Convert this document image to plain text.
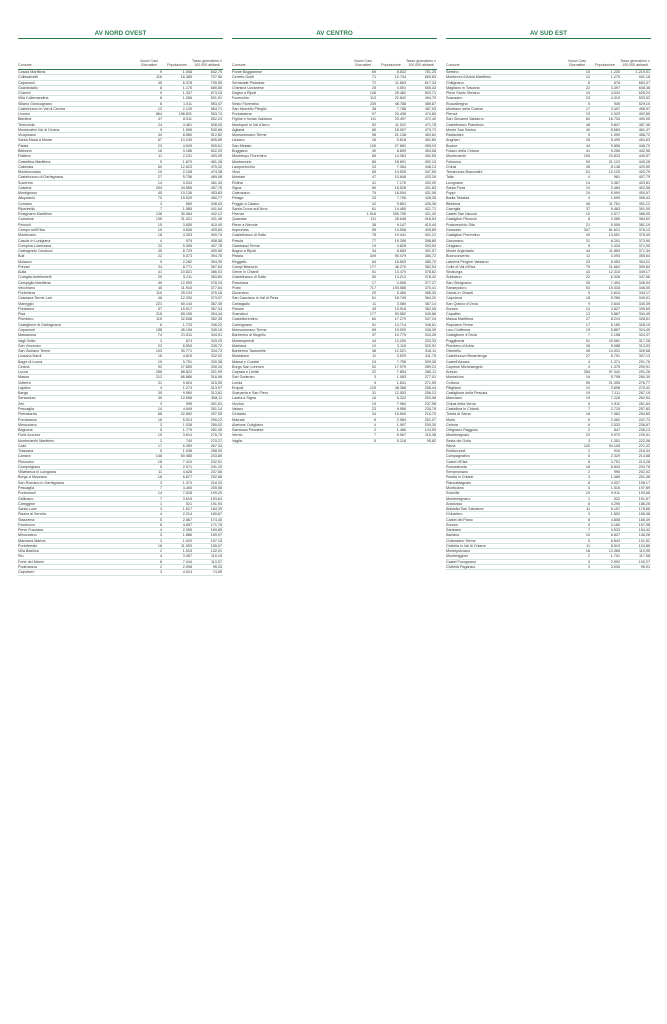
AV NORD OVEST
Comune
Nuovi Casi Giornalieri	Popolazione
Tasso giornaliero x 100.000 abitanti
Cascia Marittima	9	1.068	842,70
Collesalvetti	116	16.385	707,96
Capannoli	45	6.378	705,55
Guardistallo	8	1.175	680,85
Chianni	9	1.337	673,15
Villa Collemandina	8	1.266	631,91
Sillano Giuncugnano	6	1.011	593,47
Castelnuovo in Val di Cecina	12	2.125	564,71
Livorno	864	156.831	553,74
Bientina	47	8.511	552,23
Terricciola	24	4.461	538,00
Montecatini Val di Cecina	9	1.696	530,66
Vicopisano	44	8.580	512,82
Santa Maria a Monte	67	13.245	505,85
Palaia	23	4.549	505,61
Bibbona	16	3.186	502,20
Fiattera	11	2.231	493,05
Castellina Marittima	9	1.870	481,28
Calcinaia	60	12.623	475,32
Montescudaio	10	2.108	474,38
Castelnuovo di Garfagnana	27	5.756	469,08
Suvereto	14	3.034	461,44
Cascina	204	44.565	457,76
Montignoso	45	10.136	453,83
Altopascio	70	15.529	450,77
Comano	3	660	448,43
Riparbella	7	1.585	441,64
Rosignano Marittimo	136	30.084	432,12
Camaiore	136	31.021	431,46
Peccioli	15	3.655	410,40
Campo nell'Elba	19	4.636	409,84
Montecarlo	18	4.393	409,74
Casole in Lunigiana	4	979	408,58
Crespina Lorenzana	22	5.395	407,78
Castagneto Carducci	35	8.729	400,96
Buti	22	5.573	394,76
Molazzo	9	2.282	394,39
Porcari	34	8.771	387,64
Aulla	41	10.621	386,03
Coreglia Antelminelli	20	5.211	383,80
Campiglia Marittima	49	12.093	378,16
Vecchiano	45	11.916	377,64
Pontedera	110	29.243	376,16
Casciana Terme Lari	46	12.330	373,07
Viareggio	221	60.144	367,45
Ponsacco	57	15.517	367,34
Pisa	316	89.155	354,44
Piombino	115	32.638	352,35
Castiglione di Garfagnana	6	1.733	346,22
Capannori	158	45.196	345,16
Massarosa	74	21.511	344,01
Vagli Sotto	3	874	343,25
San Vincenzo	22	6.553	335,72
San Giuliano Terme	103	30.771	334,73
Licciana Nardi	16	4.819	332,02
Bagni di Lucca	19	5.751	330,38
Cecina	92	27.850	330,34
Lucca	286	88.822	321,99
Massa	212	66.886	316,96
Volterra	31	9.824	315,55
Lajatico	4	1.274	313,97
Barga	30	9.560	313,81
Seravezza	39	12.658	308,11
Zeri	3	995	301,51
Pescaglia	14	4.649	301,14
Pietrasanta	68	22.892	297,05
Pomarance	16	5.513	290,22
Minucciano	3	1.038	289,02
Bagnone	5	1.779	281,06
Forte Azzurro	10	3.614	276,70
Montevarchi Marittimo	2	740	270,27
Calci	17	6.350	267,34
Trassana	5	1.938	258,00
Carrara	148	60.085	243,80
Pinizzano	18	7.410	242,91
Camporgiano	5	2.071	241,20
Villafranca in Lunigiana	11	4.628	237,68
Borgo a Mozzano	16	6.877	232,66
San Romano in Garfagnana	3	1.374	218,34
Pescaglia	7	3.405	205,58
Pontremoli	14	7.028	199,20
Gallicano	7	3.615	193,64
Careggine	1	521	191,94
Santa Luce	3	1.627	184,39
Piazza al Serchio	4	2.214	180,67
Stazzema	5	2.867	174,40
Fosdinovo	8	4.657	171,78
Pieve Fosciana	4	2.355	169,85
Minucciano	3	1.886	159,07
Marciana Marina	3	1.920	157,15
Portoferraio	18	11.553	155,07
Villa Basilica	2	1.515	132,01
Rio	4	3.357	119,15
Forte dei Marmi	8	7.044	113,57
Podenzana	2	2.098	95,33
Capoliveri	3	4.024	74,55
AV CENTRO
Comune
Nuovi Casi Giornalieri	Popolazione
Tasso giornaliero x 100.000 abitanti
Ponte Buggianese	69	8.832	781,25
Cerreto Guidi	71	10.744	660,83
Serravalle Pistoiese	72	11.663	617,34
Chiesina Uzzanese	25	4.501	555,43
Dagno a Ripoli	128	25.482	502,71
Fucecchio	113	22.842	494,70
Sesto Fiorentino	239	48.788	489,87
San Marcello Piteglio	38	7.788	487,93
Pontassieve	97	20.436	474,65
Figline e Incisa Valdarno	111	23.497	472,40
Montopoli in Val d'Arno	52	11.022	471,78
Agliana	85	18.057	470,73
Monsummano Terme	98	21.138	463,62
Uzzano	26	5.618	462,80
San Miniato	126	27.681	455,19
Buggiano	40	8.809	454,08
Montelupo Fiorentino	65	14.363	452,55
Montemurlo	85	18.801	452,10
Lamporecchio	33	7.364	448,13
Vinci	65	14.525	447,50
Montale	47	10.848	433,26
Rufina	31	7.176	432,00
Signa	80	18.526	431,83
Calenzano	79	18.094	431,06
Pelago	33	7.706	428,35
Poggio a Caiano	42	9.851	426,36
Santa Croce sull'Arno	61	14.465	421,71
Firenze	1.516	359.755	421,40
Quarrata	111	26.648	416,54
Pieve a Nievole	38	9.147	415,44
Impruneta	59	14.596	405,89
Castelfranco di Sotto	78	19.441	401,21
Pescia	77	19.308	398,80
Gambassi Terme	19	4.828	393,54
Bagno a Ripoli	34	8.683	391,57
Pistoia	349	90.479	385,72
Reggello	64	16.593	385,70
Campi Bisenzio	177	46.270	382,54
Greve in Chianti	51	13.470	378,62
Castelfranco di Sotto	50	13.213	378,42
Fiesolana	17	4.506	377,27
Prato	717	193.588	370,41
Dicomano	20	5.460	366,30
San Casciano in Val di Pesa	61	16.749	364,20
Cantagallo	11	3.080	357,14
Fiesole	49	13.918	352,06
Scandicci	177	50.582	349,86
Castelfiorentino	60	17.279	347,24
Carmignano	51	14.714	346,61
Monsummano Terme	69	19.920	346,39
Barberino di Mugello	37	10.779	343,26
Montespertoli	44	13.200	333,33
Marliana	10	3.116	320,92
Barberino Tavarnelle	38	12.021	316,11
Montaione	11	3.529	311,70
Massa e Cozzile	24	7.758	309,36
Borgo San Lorenzo	52	17.979	289,23
Capraia e Limite	22	7.854	280,11
San Godenzo	3	1.083	277,01
Londa	5	1.841	271,59
Empoli	125	48.368	258,44
Scarperia e San Piero	31	12.053	256,13
Lastra a Signa	16	6.322	253,08
Vicchio	19	7.984	237,98
Vaiano	23	9.966	230,78
Certaldo	34	15.690	216,70
Marradi	6	2.984	201,07
Abetone Cutigliano	4	1.997	200,30
Sambuca Pistoiese	2	1.486	134,59
Vernio	7	6.067	115,38
Vaglia	5	5.218	95,82
AV SUD EST
Comune
Nuovi Casi Giornalieri	Popolazione
Tasso giornaliero x 100.000 abitanti
Seetino	15	1.230	1.219,51
Monteroni d'Arbia Marittimo	12	1.275	941,18
Chitignano	6	878	683,37
Magliano in Toscana	22	3.397	648,36
Pieve Santo Stefano	19	3.034	626,24
Scansano	23	4.315	533,02
Roccalbegna	5	945	529,10
Montiano della Chiana	17	3.407	498,97
Pienza	10	2.029	492,85
San Giovanni Valdarno	82	16.733	490,05
Castelfranco Piandiscò	48	9.847	487,46
Monte San Savino	40	8.669	461,47
Radicofani	5	1.090	458,72
Anghiari	25	5.499	454,63
Bucine	44	9.806	448,70
Foiano della Chiana	41	9.256	442,96
Montevarchi	105	23.833	440,57
Follonica	93	21.123	440,28
Chiusi	35	8.148	429,55
Terranuova Bracciolini	51	12.120	420,79
Talla	4	981	407,75
Lucignano	14	3.467	403,81
Santa Fiora	10	2.484	402,58
Poppi	24	5.990	400,67
Badia Tedalda	4	1.009	396,43
Bibbiena	46	11.761	391,12
Cavriglia	37	9.463	391,00
Castel San Niccolò	10	2.577	388,05
Castiglion Fibocchi	8	2.080	384,62
Pratovecchio Stia	21	5.509	381,19
Grosseto	307	81.621	376,13
Castiglion Fiorentino	49	13.051	375,45
Gavorrano	31	8.291	373,90
Cinigiano	9	2.420	371,90
Monte Argentario	44	11.859	371,34
Buonconvento	11	3.093	355,64
Laterina Pergine Valdarno	23	6.453	354,22
Colle di Val d'Elsa	75	21.662	350,84
Sinalunga	43	12.315	349,17
Subbiano	22	6.328	347,66
San Gimignano	26	7.494	346,94
Sansepolcro	53	15.318	346,00
Gaiole in Chianti	9	2.615	344,17
Capolona	18	5.280	340,91
San Quirico d'Orcia	9	2.644	340,39
Sorano	13	3.827	339,69
Capalbio	13	3.887	334,45
Massa Marittima	27	8.219	328,51
Rapolano Terme	17	5.180	328,19
Loro Ciuffenna	19	5.857	324,40
Castiglione d'Orcia	7	2.158	324,37
Poggibonsi	91	29.081	317,28
Piombino d'Arbia	28	8.088	313,53
Orbetello	45	14.331	309,68
Castelnuovo Berardenga	27	8.791	307,13
Castell'Azzara	4	1.371	291,76
Caprese Michelangelo	4	1.375	290,91
Arezzo	284	97.442	291,26
Montalcino	16	5.708	280,30
Cortona	59	21.355	276,77
Pitigliano	10	3.698	270,42
Castiglione della Pescaia	19	7.111	267,19
Manciano	19	7.226	262,94
Chiusi della Verna	5	1.911	261,64
Castellina in Chianti	7	2.715	257,83
Torrita di Siena	18	7.062	254,89
Murlo	6	2.462	247,73
Cetona	6	2.533	236,87
Ortignano Raggiolo	2	847	236,13
Montemignaio	23	9.970	230,51
Sesta del Golfo	3	1.351	222,06
Siena	120	54.105	221,42
Radicondoli	2	916	218,34
Campagnatico	5	2.329	214,68
Castel d'Elsa	8	3.751	213,28
Roccastrada	18	8.834	203,76
Semproniano	2	990	202,02
Radda in Chianti	3	1.489	201,48
Piancastagnaio	8	4.037	198,17
Monticiano	3	1.516	197,89
Sovicille	19	9.911	193,66
Montemignano	1	522	191,57
Arcidosso	8	4.295	186,26
Abbadia San Salvatore	11	6.157	178,66
Chiusdino	3	1.802	166,48
Castel del Piano	8	4.808	166,39
Sorano	5	3.165	157,98
Sarteano	7	4.533	154,42
Asciano	10	6.637	146,26
Chianciano Terme	9	6.843	131,52
Civitella in Val di Chiana	11	8.810	124,86
Montepulciano	16	13.365	119,95
Monteriggioni	2	1.701	117,58
Castel Focognano	3	2.992	100,27
Civitella Paganico	3	3.030	99,01
